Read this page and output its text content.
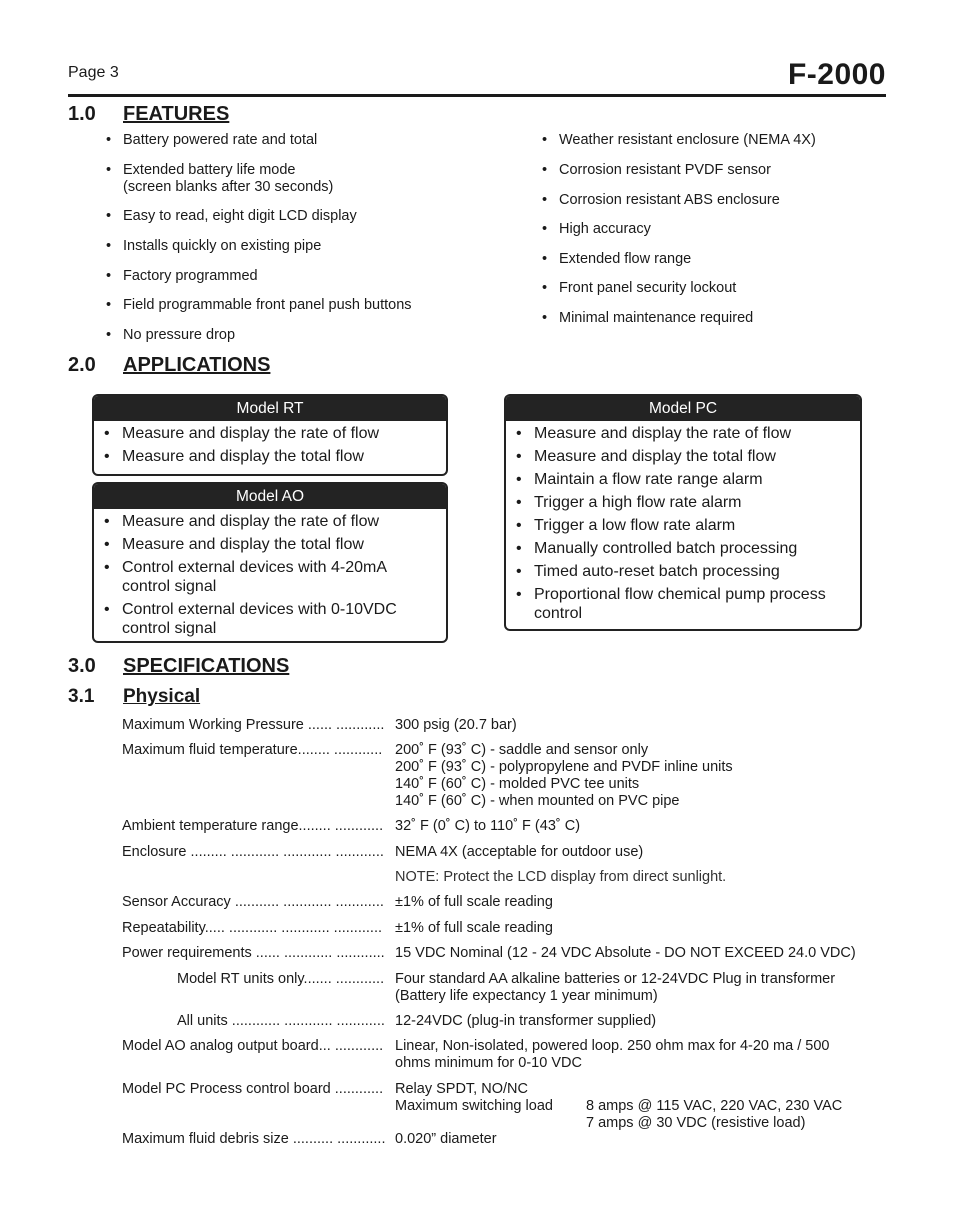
Page 3	F-2000
1.0 FEATURES
• Battery powered rate and total
• Extended battery life mode
(screen blanks after 30 seconds)
• Easy to read, eight digit LCD display
• Installs quickly on existing pipe
• Factory programmed
• Field programmable front panel push buttons
• No pressure drop
• Weather resistant enclosure (NEMA 4X)
• Corrosion resistant PVDF sensor
• Corrosion resistant ABS enclosure
• High accuracy
• Extended flow range
• Front panel security lockout
• Minimal maintenance required
2.0 APPLICATIONS
Model RT
• Measure and display the rate of flow
• Measure and display the total flow
Model AO
• Measure and display the rate of flow
• Measure and display the total flow
• Control external devices with 4-20mA
control signal
• Control external devices with 0-10VDC
control signal
Model PC
• Measure and display the rate of flow
• Measure and display the total flow
• Maintain a flow rate range alarm
• Trigger a high flow rate alarm
• Trigger a low flow rate alarm
• Manually controlled batch processing
• Timed auto-reset batch processing
• Proportional flow chemical pump process
control
3.0 SPECIFICATIONS
3.1 Physical
Maximum Working Pressure ...... ............ 300 psig (20.7 bar)
Maximum fluid temperature........ ............ 200˚ F (93˚ C) - saddle and sensor only
200˚ F (93˚ C) - polypropylene and PVDF inline units
140˚ F (60˚ C) - molded PVC tee units
140˚ F (60˚ C) - when mounted on PVC pipe
Ambient temperature range........ ............ 32˚ F (0˚ C) to 110˚ F (43˚ C)
Enclosure ......... ............ ............ ............ NEMA 4X (acceptable for outdoor use)
NOTE: Protect the LCD display from direct sunlight.
Sensor Accuracy ........... ............ ............ ±1% of full scale reading
Repeatability..... ............ ............ ............ ±1% of full scale reading
Power requirements ...... ............ ............ 15 VDC Nominal (12 - 24 VDC Absolute - DO NOT EXCEED 24.0 VDC)
Model RT units only....... ............ Four standard AA alkaline batteries or 12-24VDC Plug in transformer
(Battery life expectancy 1 year minimum)
All units ............ ............ ............ 12-24VDC (plug-in transformer supplied)
Model AO analog output board... ............ Linear, Non-isolated, powered loop. 250 ohm max for 4-20 ma / 500
ohms minimum for 0-10 VDC
Model PC Process control board ............ Relay SPDT, NO/NC
Maximum switching load 8 amps @ 115 VAC, 220 VAC, 230 VAC
7 amps @ 30 VDC (resistive load)
Maximum fluid debris size .......... ............ 0.020” diameter
